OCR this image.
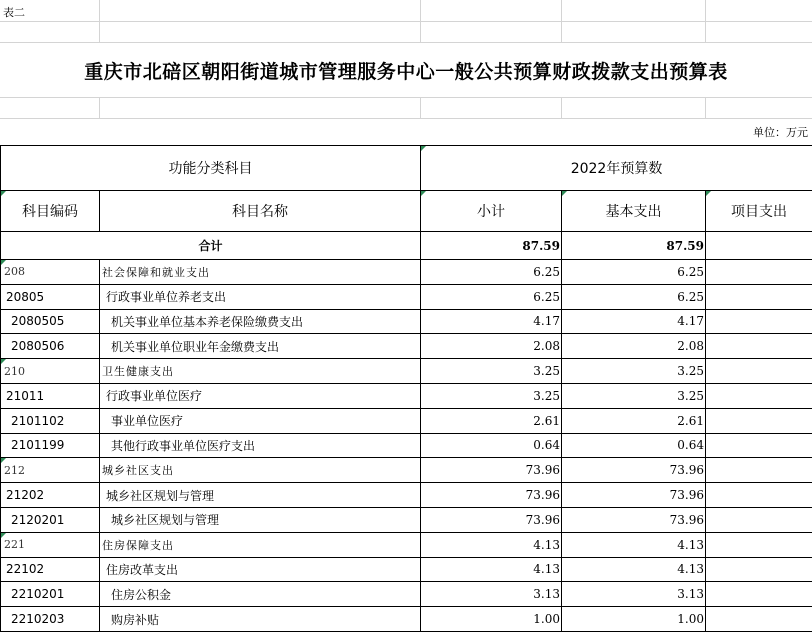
表二
重庆市北碚区朝阳街道城市管理服务中心一般公共预算财政拨款支出预算表
单位：万元
功能分类科目		2022年预算数		
科目编码	科目名称	小计	基本支出	项目支出
合计		87.59	87.59	
208	社会保障和就业支出	6.25	6.25	
20805	行政事业单位养老支出	6.25	6.25	
2080505	机关事业单位基本养老保险缴费支出	4.17	4.17	
2080506	机关事业单位职业年金缴费支出	2.08	2.08	
210	卫生健康支出	3.25	3.25	
21011	行政事业单位医疗	3.25	3.25	
2101102	事业单位医疗	2.61	2.61	
2101199	其他行政事业单位医疗支出	0.64	0.64	
212	城乡社区支出	73.96	73.96	
21202	城乡社区规划与管理	73.96	73.96	
2120201	城乡社区规划与管理	73.96	73.96	
221	住房保障支出	4.13	4.13	
22102	住房改革支出	4.13	4.13	
2210201	住房公积金	3.13	3.13	
2210203	购房补贴	1.00	1.00	
